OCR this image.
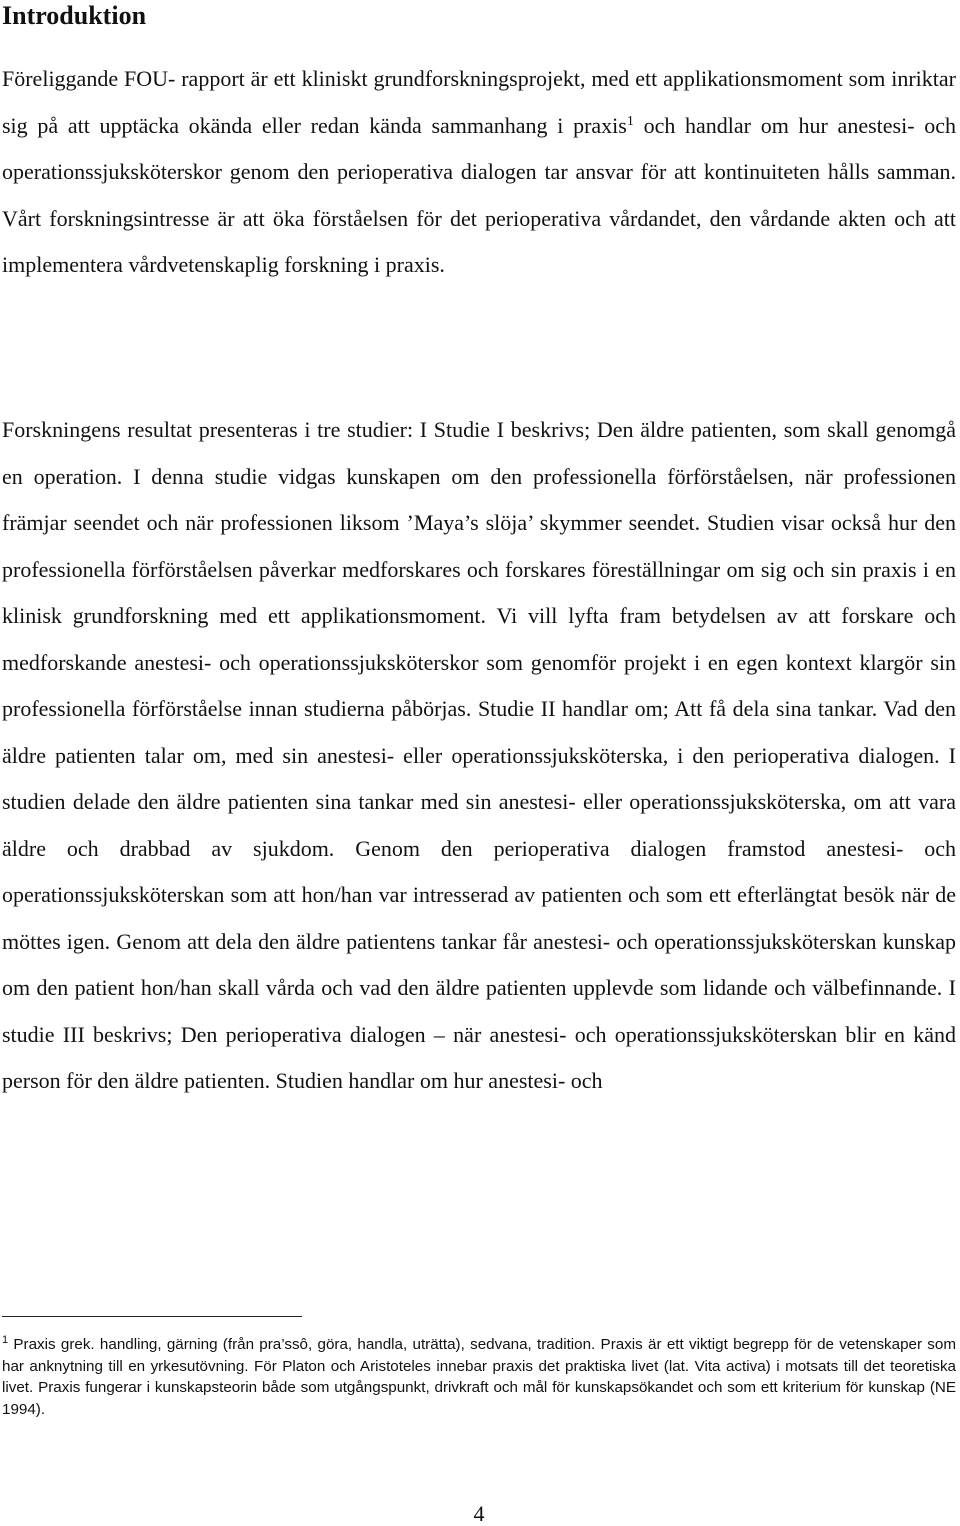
Introduktion

Föreliggande FOU- rapport är ett kliniskt grundforskningsprojekt, med ett applikationsmoment som inriktar sig på att upptäcka okända eller redan kända sammanhang i praxis$^1$ och handlar om hur anestesi- och operationssjuksköterskor genom den perioperativa dialogen tar ansvar för att kontinuiteten hålls samman. Vårt forskningsintresse är att öka förståelsen för det perioperativa vårdandet, den vårdande akten och att implementera vårdvetenskaplig forskning i praxis.

Forskningens resultat presenteras i tre studier: I Studie I beskrivs; Den äldre patienten, som skall genomgå en operation. I denna studie vidgas kunskapen om den professionella förförståelsen, när professionen främjar seendet och när professionen liksom ’Maya’s slöja’ skymmer seendet. Studien visar också hur den professionella förförståelsen påverkar medforskares och forskares föreställningar om sig och sin praxis i en klinisk grundforskning med ett applikationsmoment. Vi vill lyfta fram betydelsen av att forskare och medforskande anestesi- och operationssjuksköterskor som genomför projekt i en egen kontext klargör sin professionella förförståelse innan studierna påbörjas. Studie II handlar om; Att få dela sina tankar. Vad den äldre patienten talar om, med sin anestesi- eller operationssjuksköterska, i den perioperativa dialogen. I studien delade den äldre patienten sina tankar med sin anestesi- eller operationssjuksköterska, om att vara äldre och drabbad av sjukdom. Genom den perioperativa dialogen framstod anestesi- och operationssjuksköterskan som att hon/han var intresserad av patienten och som ett efterlängtat besök när de möttes igen. Genom att dela den äldre patientens tankar får anestesi- och operationssjuksköterskan kunskap om den patient hon/han skall vårda och vad den äldre patienten upplevde som lidande och välbefinnande. I studie III beskrivs; Den perioperativa dialogen – när anestesi- och operationssjuksköterskan blir en känd person för den äldre patienten. Studien handlar om hur anestesi- och

$^1$ Praxis grek. handling, gärning (från pra’ssô, göra, handla, uträtta), sedvana, tradition. Praxis är ett viktigt begrepp för de vetenskaper som har anknytning till en yrkesutövning. För Platon och Aristoteles innebar praxis det praktiska livet (lat. Vita activa) i motsats till det teoretiska livet. Praxis fungerar i kunskapsteorin både som utgångspunkt, drivkraft och mål för kunskapsökandet och som ett kriterium för kunskap (NE 1994).

4
